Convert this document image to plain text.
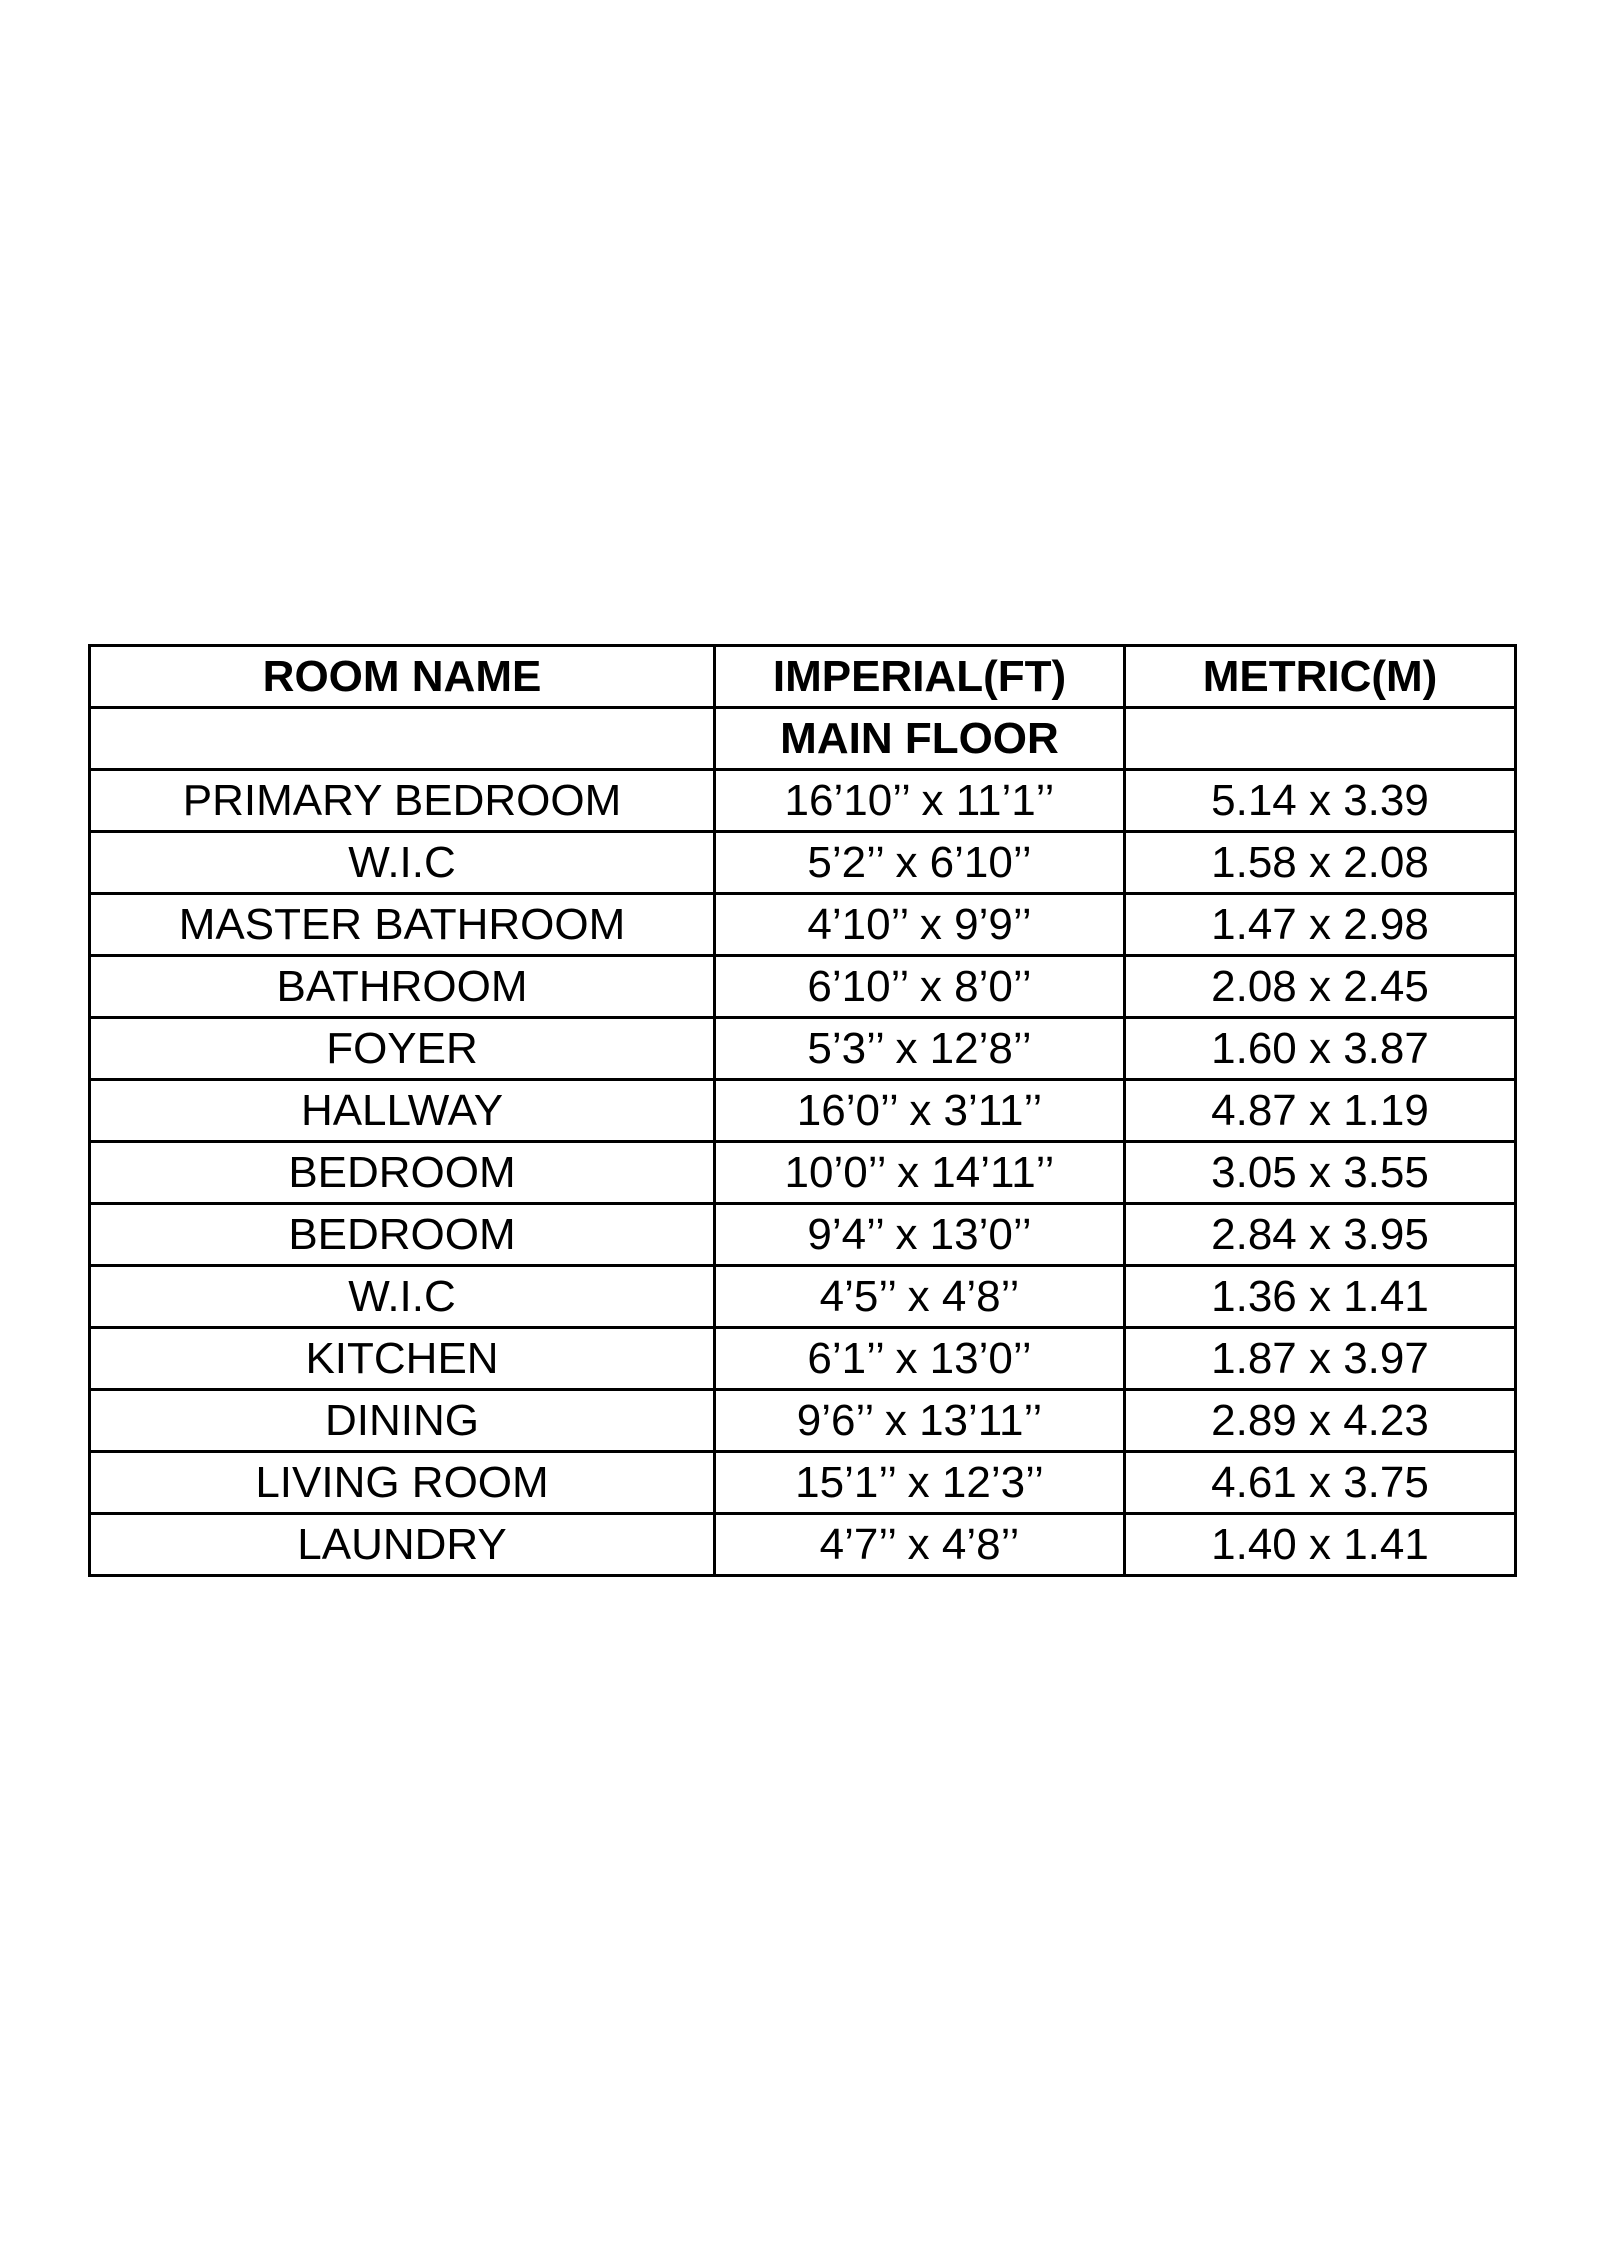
ROOM NAME	IMPERIAL(FT)	METRIC(M)
	MAIN FLOOR	
PRIMARY BEDROOM	16’10’’ x 11’1’’	5.14 x 3.39
W.I.C	5’2’’ x 6’10’’	1.58 x 2.08
MASTER BATHROOM	4’10’’ x 9’9’’	1.47 x 2.98
BATHROOM	6’10’’ x 8’0’’	2.08 x 2.45
FOYER	5’3’’ x 12’8’’	1.60 x 3.87
HALLWAY	16’0’’ x 3’11’’	4.87 x 1.19
BEDROOM	10’0’’ x 14’11’’	3.05 x 3.55
BEDROOM	9’4’’ x 13’0’’	2.84 x 3.95
W.I.C	4’5’’ x 4’8’’	1.36 x 1.41
KITCHEN	6’1’’ x 13’0’’	1.87 x 3.97
DINING	9’6’’ x 13’11’’	2.89 x 4.23
LIVING ROOM	15’1’’ x 12’3’’	4.61 x 3.75
LAUNDRY	4’7’’ x 4’8’’	1.40 x 1.41
